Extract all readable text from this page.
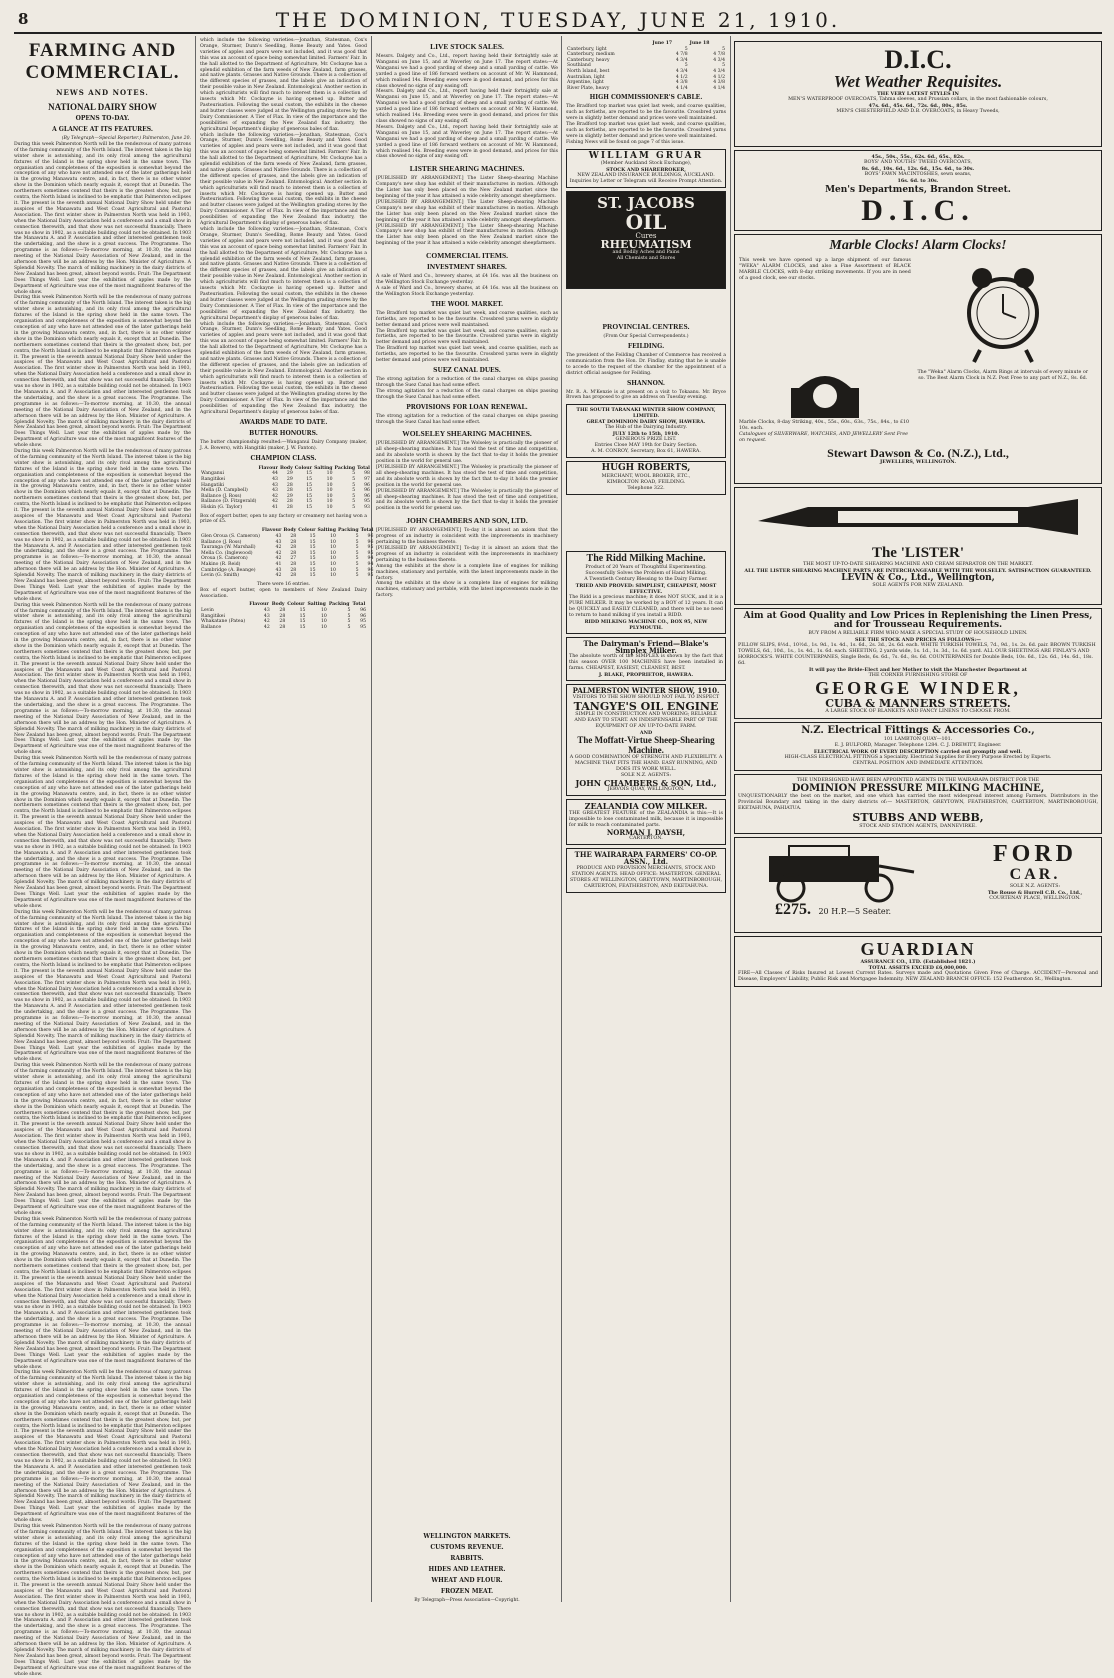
8	THE DOMINION, TUESDAY, JUNE 21, 1910.
FARMING AND COMMERCIAL.
NEWS AND NOTES.
NATIONAL DAIRY SHOW
OPENS TO-DAY.
A GLANCE AT ITS FEATURES.

(By Telegraph—Special Reporter.) Palmerston, June 20.

During this week Palmerston North will be the rendezvous of many patrons of the farming community of the North Island. The interest taken is the big winter show is astonishing, and its only rival among the agricultural fixtures of the Island is the spring show held in the same town. The organisation and completeness of the exposition is somewhat beyond the conception of any who have not attended one of the later gatherings held in the growing Manawatu centre, and, in fact, there is no other winter show in the Dominion which nearly equals it, except that at Dunedin. The northerners sometimes contend that theirs is the greatest show, but, per contra, the North Island is inclined to be emphatic that Palmerston eclipses it. The present is the seventh annual National Dairy Show held under the auspices of the Manawatu and West Coast Agricultural and Pastoral Association. The first winter show in Palmerston North was held in 1903, when the National Dairy Association held a conference and a small show in connection therewith, and that show was not successful financially. There was no show in 1902, as a suitable building could not be obtained. In 1903 the Manawatu A. and P. Association and other interested gentlemen took the undertaking, and the show is a great success. The Programme. The programme is as follows:—To-morrow morning, at 10.30, the annual meeting of the National Dairy Association of New Zealand, and in the afternoon there will be an address by the Hon. Minister of Agriculture. A Splendid Novelty. The march of milking machinery in the dairy districts of New Zealand has been great, almost beyond words. Fruit: The Department Does Things Well. Last year the exhibition of apples made by the Department of Agriculture was one of the most magnificent features of the whole show.

During this week Palmerston North will be the rendezvous of many patrons of the farming community of the North Island. The interest taken is the big winter show is astonishing, and its only rival among the agricultural fixtures of the Island is the spring show held in the same town. The organisation and completeness of the exposition is somewhat beyond the conception of any who have not attended one of the later gatherings held in the growing Manawatu centre, and, in fact, there is no other winter show in the Dominion which nearly equals it, except that at Dunedin. The northerners sometimes contend that theirs is the greatest show, but, per contra, the North Island is inclined to be emphatic that Palmerston eclipses it. The present is the seventh annual National Dairy Show held under the auspices of the Manawatu and West Coast Agricultural and Pastoral Association. The first winter show in Palmerston North was held in 1903, when the National Dairy Association held a conference and a small show in connection therewith, and that show was not successful financially. There was no show in 1902, as a suitable building could not be obtained. In 1903 the Manawatu A. and P. Association and other interested gentlemen took the undertaking, and the show is a great success. The Programme. The programme is as follows:—To-morrow morning, at 10.30, the annual meeting of the National Dairy Association of New Zealand, and in the afternoon there will be an address by the Hon. Minister of Agriculture. A Splendid Novelty. The march of milking machinery in the dairy districts of New Zealand has been great, almost beyond words. Fruit: The Department Does Things Well. Last year the exhibition of apples made by the Department of Agriculture was one of the most magnificent features of the whole show.

During this week Palmerston North will be the rendezvous of many patrons of the farming community of the North Island. The interest taken is the big winter show is astonishing, and its only rival among the agricultural fixtures of the Island is the spring show held in the same town. The organisation and completeness of the exposition is somewhat beyond the conception of any who have not attended one of the later gatherings held in the growing Manawatu centre, and, in fact, there is no other winter show in the Dominion which nearly equals it, except that at Dunedin. The northerners sometimes contend that theirs is the greatest show, but, per contra, the North Island is inclined to be emphatic that Palmerston eclipses it. The present is the seventh annual National Dairy Show held under the auspices of the Manawatu and West Coast Agricultural and Pastoral Association. The first winter show in Palmerston North was held in 1903, when the National Dairy Association held a conference and a small show in connection therewith, and that show was not successful financially. There was no show in 1902, as a suitable building could not be obtained. In 1903 the Manawatu A. and P. Association and other interested gentlemen took the undertaking, and the show is a great success. The Programme. The programme is as follows:—To-morrow morning, at 10.30, the annual meeting of the National Dairy Association of New Zealand, and in the afternoon there will be an address by the Hon. Minister of Agriculture. A Splendid Novelty. The march of milking machinery in the dairy districts of New Zealand has been great, almost beyond words. Fruit: The Department Does Things Well. Last year the exhibition of apples made by the Department of Agriculture was one of the most magnificent features of the whole show.

During this week Palmerston North will be the rendezvous of many patrons of the farming community of the North Island. The interest taken is the big winter show is astonishing, and its only rival among the agricultural fixtures of the Island is the spring show held in the same town. The organisation and completeness of the exposition is somewhat beyond the conception of any who have not attended one of the later gatherings held in the growing Manawatu centre, and, in fact, there is no other winter show in the Dominion which nearly equals it, except that at Dunedin. The northerners sometimes contend that theirs is the greatest show, but, per contra, the North Island is inclined to be emphatic that Palmerston eclipses it. The present is the seventh annual National Dairy Show held under the auspices of the Manawatu and West Coast Agricultural and Pastoral Association. The first winter show in Palmerston North was held in 1903, when the National Dairy Association held a conference and a small show in connection therewith, and that show was not successful financially. There was no show in 1902, as a suitable building could not be obtained. In 1903 the Manawatu A. and P. Association and other interested gentlemen took the undertaking, and the show is a great success. The Programme. The programme is as follows:—To-morrow morning, at 10.30, the annual meeting of the National Dairy Association of New Zealand, and in the afternoon there will be an address by the Hon. Minister of Agriculture. A Splendid Novelty. The march of milking machinery in the dairy districts of New Zealand has been great, almost beyond words. Fruit: The Department Does Things Well. Last year the exhibition of apples made by the Department of Agriculture was one of the most magnificent features of the whole show.

During this week Palmerston North will be the rendezvous of many patrons of the farming community of the North Island. The interest taken is the big winter show is astonishing, and its only rival among the agricultural fixtures of the Island is the spring show held in the same town. The organisation and completeness of the exposition is somewhat beyond the conception of any who have not attended one of the later gatherings held in the growing Manawatu centre, and, in fact, there is no other winter show in the Dominion which nearly equals it, except that at Dunedin. The northerners sometimes contend that theirs is the greatest show, but, per contra, the North Island is inclined to be emphatic that Palmerston eclipses it. The present is the seventh annual National Dairy Show held under the auspices of the Manawatu and West Coast Agricultural and Pastoral Association. The first winter show in Palmerston North was held in 1903, when the National Dairy Association held a conference and a small show in connection therewith, and that show was not successful financially. There was no show in 1902, as a suitable building could not be obtained. In 1903 the Manawatu A. and P. Association and other interested gentlemen took the undertaking, and the show is a great success. The Programme. The programme is as follows:—To-morrow morning, at 10.30, the annual meeting of the National Dairy Association of New Zealand, and in the afternoon there will be an address by the Hon. Minister of Agriculture. A Splendid Novelty. The march of milking machinery in the dairy districts of New Zealand has been great, almost beyond words. Fruit: The Department Does Things Well. Last year the exhibition of apples made by the Department of Agriculture was one of the most magnificent features of the whole show.

During this week Palmerston North will be the rendezvous of many patrons of the farming community of the North Island. The interest taken is the big winter show is astonishing, and its only rival among the agricultural fixtures of the Island is the spring show held in the same town. The organisation and completeness of the exposition is somewhat beyond the conception of any who have not attended one of the later gatherings held in the growing Manawatu centre, and, in fact, there is no other winter show in the Dominion which nearly equals it, except that at Dunedin. The northerners sometimes contend that theirs is the greatest show, but, per contra, the North Island is inclined to be emphatic that Palmerston eclipses it. The present is the seventh annual National Dairy Show held under the auspices of the Manawatu and West Coast Agricultural and Pastoral Association. The first winter show in Palmerston North was held in 1903, when the National Dairy Association held a conference and a small show in connection therewith, and that show was not successful financially. There was no show in 1902, as a suitable building could not be obtained. In 1903 the Manawatu A. and P. Association and other interested gentlemen took the undertaking, and the show is a great success. The Programme. The programme is as follows:—To-morrow morning, at 10.30, the annual meeting of the National Dairy Association of New Zealand, and in the afternoon there will be an address by the Hon. Minister of Agriculture. A Splendid Novelty. The march of milking machinery in the dairy districts of New Zealand has been great, almost beyond words. Fruit: The Department Does Things Well. Last year the exhibition of apples made by the Department of Agriculture was one of the most magnificent features of the whole show.

During this week Palmerston North will be the rendezvous of many patrons of the farming community of the North Island. The interest taken is the big winter show is astonishing, and its only rival among the agricultural fixtures of the Island is the spring show held in the same town. The organisation and completeness of the exposition is somewhat beyond the conception of any who have not attended one of the later gatherings held in the growing Manawatu centre, and, in fact, there is no other winter show in the Dominion which nearly equals it, except that at Dunedin. The northerners sometimes contend that theirs is the greatest show, but, per contra, the North Island is inclined to be emphatic that Palmerston eclipses it. The present is the seventh annual National Dairy Show held under the auspices of the Manawatu and West Coast Agricultural and Pastoral Association. The first winter show in Palmerston North was held in 1903, when the National Dairy Association held a conference and a small show in connection therewith, and that show was not successful financially. There was no show in 1902, as a suitable building could not be obtained. In 1903 the Manawatu A. and P. Association and other interested gentlemen took the undertaking, and the show is a great success. The Programme. The programme is as follows:—To-morrow morning, at 10.30, the annual meeting of the National Dairy Association of New Zealand, and in the afternoon there will be an address by the Hon. Minister of Agriculture. A Splendid Novelty. The march of milking machinery in the dairy districts of New Zealand has been great, almost beyond words. Fruit: The Department Does Things Well. Last year the exhibition of apples made by the Department of Agriculture was one of the most magnificent features of the whole show.

During this week Palmerston North will be the rendezvous of many patrons of the farming community of the North Island. The interest taken is the big winter show is astonishing, and its only rival among the agricultural fixtures of the Island is the spring show held in the same town. The organisation and completeness of the exposition is somewhat beyond the conception of any who have not attended one of the later gatherings held in the growing Manawatu centre, and, in fact, there is no other winter show in the Dominion which nearly equals it, except that at Dunedin. The northerners sometimes contend that theirs is the greatest show, but, per contra, the North Island is inclined to be emphatic that Palmerston eclipses it. The present is the seventh annual National Dairy Show held under the auspices of the Manawatu and West Coast Agricultural and Pastoral Association. The first winter show in Palmerston North was held in 1903, when the National Dairy Association held a conference and a small show in connection therewith, and that show was not successful financially. There was no show in 1902, as a suitable building could not be obtained. In 1903 the Manawatu A. and P. Association and other interested gentlemen took the undertaking, and the show is a great success. The Programme. The programme is as follows:—To-morrow morning, at 10.30, the annual meeting of the National Dairy Association of New Zealand, and in the afternoon there will be an address by the Hon. Minister of Agriculture. A Splendid Novelty. The march of milking machinery in the dairy districts of New Zealand has been great, almost beyond words. Fruit: The Department Does Things Well. Last year the exhibition of apples made by the Department of Agriculture was one of the most magnificent features of the whole show.

During this week Palmerston North will be the rendezvous of many patrons of the farming community of the North Island. The interest taken is the big winter show is astonishing, and its only rival among the agricultural fixtures of the Island is the spring show held in the same town. The organisation and completeness of the exposition is somewhat beyond the conception of any who have not attended one of the later gatherings held in the growing Manawatu centre, and, in fact, there is no other winter show in the Dominion which nearly equals it, except that at Dunedin. The northerners sometimes contend that theirs is the greatest show, but, per contra, the North Island is inclined to be emphatic that Palmerston eclipses it. The present is the seventh annual National Dairy Show held under the auspices of the Manawatu and West Coast Agricultural and Pastoral Association. The first winter show in Palmerston North was held in 1903, when the National Dairy Association held a conference and a small show in connection therewith, and that show was not successful financially. There was no show in 1902, as a suitable building could not be obtained. In 1903 the Manawatu A. and P. Association and other interested gentlemen took the undertaking, and the show is a great success. The Programme. The programme is as follows:—To-morrow morning, at 10.30, the annual meeting of the National Dairy Association of New Zealand, and in the afternoon there will be an address by the Hon. Minister of Agriculture. A Splendid Novelty. The march of milking machinery in the dairy districts of New Zealand has been great, almost beyond words. Fruit: The Department Does Things Well. Last year the exhibition of apples made by the Department of Agriculture was one of the most magnificent features of the whole show.

During this week Palmerston North will be the rendezvous of many patrons of the farming community of the North Island. The interest taken is the big winter show is astonishing, and its only rival among the agricultural fixtures of the Island is the spring show held in the same town. The organisation and completeness of the exposition is somewhat beyond the conception of any who have not attended one of the later gatherings held in the growing Manawatu centre, and, in fact, there is no other winter show in the Dominion which nearly equals it, except that at Dunedin. The northerners sometimes contend that theirs is the greatest show, but, per contra, the North Island is inclined to be emphatic that Palmerston eclipses it. The present is the seventh annual National Dairy Show held under the auspices of the Manawatu and West Coast Agricultural and Pastoral Association. The first winter show in Palmerston North was held in 1903, when the National Dairy Association held a conference and a small show in connection therewith, and that show was not successful financially. There was no show in 1902, as a suitable building could not be obtained. In 1903 the Manawatu A. and P. Association and other interested gentlemen took the undertaking, and the show is a great success. The Programme. The programme is as follows:—To-morrow morning, at 10.30, the annual meeting of the National Dairy Association of New Zealand, and in the afternoon there will be an address by the Hon. Minister of Agriculture. A Splendid Novelty. The march of milking machinery in the dairy districts of New Zealand has been great, almost beyond words. Fruit: The Department Does Things Well. Last year the exhibition of apples made by the Department of Agriculture was one of the most magnificent features of the whole show.

which include the following varieties:—Jonathan, Statesman, Cox's Orange, Sturmer, Dunn's Seedling, Rome Beauty and Yates. Good varieties of apples and pears were not included, and it was good that this was an account of space being somewhat limited. Farmers' Fair. In the hall allotted to the Department of Agriculture, Mr. Cockayne has a splendid exhibition of the farm weeds of New Zealand, farm grasses, and native plants. Grasses and Native Grounds. There is a collection of the different species of grasses, and the labels give an indication of their possible value in New Zealand. Entomological. Another section in which agriculturists will find much to interest them is a collection of insects which Mr. Cockayne is having opened up. Butter and Pasteurisation. Following the usual custom, the exhibits in the cheese and butter classes were judged at the Wellington grading stores by the Dairy Commissioner. A Tier of Flax. In view of the importance and the possibilities of expanding the New Zealand flax industry, the Agricultural Department's display of generous bales of flax.

which include the following varieties:—Jonathan, Statesman, Cox's Orange, Sturmer, Dunn's Seedling, Rome Beauty and Yates. Good varieties of apples and pears were not included, and it was good that this was an account of space being somewhat limited. Farmers' Fair. In the hall allotted to the Department of Agriculture, Mr. Cockayne has a splendid exhibition of the farm weeds of New Zealand, farm grasses, and native plants. Grasses and Native Grounds. There is a collection of the different species of grasses, and the labels give an indication of their possible value in New Zealand. Entomological. Another section in which agriculturists will find much to interest them is a collection of insects which Mr. Cockayne is having opened up. Butter and Pasteurisation. Following the usual custom, the exhibits in the cheese and butter classes were judged at the Wellington grading stores by the Dairy Commissioner. A Tier of Flax. In view of the importance and the possibilities of expanding the New Zealand flax industry, the Agricultural Department's display of generous bales of flax.

which include the following varieties:—Jonathan, Statesman, Cox's Orange, Sturmer, Dunn's Seedling, Rome Beauty and Yates. Good varieties of apples and pears were not included, and it was good that this was an account of space being somewhat limited. Farmers' Fair. In the hall allotted to the Department of Agriculture, Mr. Cockayne has a splendid exhibition of the farm weeds of New Zealand, farm grasses, and native plants. Grasses and Native Grounds. There is a collection of the different species of grasses, and the labels give an indication of their possible value in New Zealand. Entomological. Another section in which agriculturists will find much to interest them is a collection of insects which Mr. Cockayne is having opened up. Butter and Pasteurisation. Following the usual custom, the exhibits in the cheese and butter classes were judged at the Wellington grading stores by the Dairy Commissioner. A Tier of Flax. In view of the importance and the possibilities of expanding the New Zealand flax industry, the Agricultural Department's display of generous bales of flax.

which include the following varieties:—Jonathan, Statesman, Cox's Orange, Sturmer, Dunn's Seedling, Rome Beauty and Yates. Good varieties of apples and pears were not included, and it was good that this was an account of space being somewhat limited. Farmers' Fair. In the hall allotted to the Department of Agriculture, Mr. Cockayne has a splendid exhibition of the farm weeds of New Zealand, farm grasses, and native plants. Grasses and Native Grounds. There is a collection of the different species of grasses, and the labels give an indication of their possible value in New Zealand. Entomological. Another section in which agriculturists will find much to interest them is a collection of insects which Mr. Cockayne is having opened up. Butter and Pasteurisation. Following the usual custom, the exhibits in the cheese and butter classes were judged at the Wellington grading stores by the Dairy Commissioner. A Tier of Flax. In view of the importance and the possibilities of expanding the New Zealand flax industry, the Agricultural Department's display of generous bales of flax.

AWARDS MADE TO DATE.
BUTTER HONOURS.

The butter championship resulted:—Wanganui Dairy Company (maker, J. A. Bowers), with Hangitiki (maker, J. W. Fanton).

CHAMPION CLASS.
	Flavour	Body	Colour	Salting	Packing	Total
Wanganui	44	29	15	10	5	98
Rangitikei	43	29	15	10	5	97
Hangatiki	43	28	15	10	5	96
Mella (D. Campbell)	43	28	15	10	5	96
Ballance (J. Ross)	42	29	15	10	5	96
Ballance (D. Fitzgerald)	42	28	15	10	5	95
Hiskin (G. Taylor)	41	28	15	10	5	93

Box of export butter, open to any factory or creamery not having won a prize of £5.

	Flavour	Body	Colour	Salting	Packing	Total
Glen Oroua (S. Cameron)	43	28	15	10	5	96
Ballance (J. Ross)	43	28	15	10	5	96
Tauranga (W. Marshall)	42	28	15	10	5	95
Mella Co. (Inglewood)	42	28	15	10	5	95
Oroua (S. Cameron)	42	27	15	10	5	94
Makino (R. Reid)	41	28	15	10	5	94
Cambridge (A. Beange)	43	28	15	10	5	96
Levin (G. Smith)	42	28	15	10	5	95

There were 16 entries.

Box of export butter, open to members of New Zealand Dairy Association.

	Flavour	Body	Colour	Salting	Packing	Total
Levin	43	28	15	10	5	96
Rangitikei	43	28	15	10	5	96
Whakatane (Patea)	42	28	15	10	5	95
Ballance	42	28	15	10	5	95
LIVE STOCK SALES.

Messrs. Dalgety and Co., Ltd., report having held their fortnightly sale at Wanganui on June 15, and at Waverley on June 17. The report states:—At Wanganui we had a good yarding of sheep and a small yarding of cattle. We yarded a good line of 186 forward wethers on account of Mr. W. Hammond, which realised 14s. Breeding ewes were in good demand, and prices for this class showed no signs of any easing off.

Messrs. Dalgety and Co., Ltd., report having held their fortnightly sale at Wanganui on June 15, and at Waverley on June 17. The report states:—At Wanganui we had a good yarding of sheep and a small yarding of cattle. We yarded a good line of 186 forward wethers on account of Mr. W. Hammond, which realised 14s. Breeding ewes were in good demand, and prices for this class showed no signs of any easing off.

Messrs. Dalgety and Co., Ltd., report having held their fortnightly sale at Wanganui on June 15, and at Waverley on June 17. The report states:—At Wanganui we had a good yarding of sheep and a small yarding of cattle. We yarded a good line of 186 forward wethers on account of Mr. W. Hammond, which realised 14s. Breeding ewes were in good demand, and prices for this class showed no signs of any easing off.

LISTER SHEARING MACHINES.

[PUBLISHED BY ARRANGEMENT.] The Lister Sheep-shearing Machine Company's new shop has exhibit of their manufactures in motion. Although the Lister has only been placed on the New Zealand market since the beginning of the year it has attained a wide celebrity amongst sheepfarmers.

[PUBLISHED BY ARRANGEMENT.] The Lister Sheep-shearing Machine Company's new shop has exhibit of their manufactures in motion. Although the Lister has only been placed on the New Zealand market since the beginning of the year it has attained a wide celebrity amongst sheepfarmers.

[PUBLISHED BY ARRANGEMENT.] The Lister Sheep-shearing Machine Company's new shop has exhibit of their manufactures in motion. Although the Lister has only been placed on the New Zealand market since the beginning of the year it has attained a wide celebrity amongst sheepfarmers.

COMMERCIAL ITEMS.
INVESTMENT SHARES.

A sale of Ward and Co., brewery shares, at £4 16s. was all the business on the Wellington Stock Exchange yesterday.

A sale of Ward and Co., brewery shares, at £4 16s. was all the business on the Wellington Stock Exchange yesterday.

THE WOOL MARKET.

The Bradford top market was quiet last week, and coarse qualities, such as fortieths, are reported to be the favourite. Crossbred yarns were in slightly better demand and prices were well maintained.

The Bradford top market was quiet last week, and coarse qualities, such as fortieths, are reported to be the favourite. Crossbred yarns were in slightly better demand and prices were well maintained.

The Bradford top market was quiet last week, and coarse qualities, such as fortieths, are reported to be the favourite. Crossbred yarns were in slightly better demand and prices were well maintained.

SUEZ CANAL DUES.

The strong agitation for a reduction of the canal charges on ships passing through the Suez Canal has had some effect.

The strong agitation for a reduction of the canal charges on ships passing through the Suez Canal has had some effect.

PROVISIONS FOR LOAN RENEWAL.

The strong agitation for a reduction of the canal charges on ships passing through the Suez Canal has had some effect.

WOLSELEY SHEARING MACHINES.

[PUBLISHED BY ARRANGEMENT.] The Wolseley is practically the pioneer of all sheep-shearing machines. It has stood the test of time and competition, and its absolute worth is shown by the fact that to-day it holds the premier position in the world for general use.

[PUBLISHED BY ARRANGEMENT.] The Wolseley is practically the pioneer of all sheep-shearing machines. It has stood the test of time and competition, and its absolute worth is shown by the fact that to-day it holds the premier position in the world for general use.

[PUBLISHED BY ARRANGEMENT.] The Wolseley is practically the pioneer of all sheep-shearing machines. It has stood the test of time and competition, and its absolute worth is shown by the fact that to-day it holds the premier position in the world for general use.

JOHN CHAMBERS AND SON, LTD.

[PUBLISHED BY ARRANGEMENT.] To-day it is almost an axiom that the progress of an industry is coincident with the improvements in machinery pertaining to the business thereto.

[PUBLISHED BY ARRANGEMENT.] To-day it is almost an axiom that the progress of an industry is coincident with the improvements in machinery pertaining to the business thereto.

Among the exhibits at the show is a complete line of engines for milking machines, stationary and portable, with the latest improvements made in the factory.

Among the exhibits at the show is a complete line of engines for milking machines, stationary and portable, with the latest improvements made in the factory.

	June 17	June 18
Canterbury, light	5	5
Canterbury, medium	4 7/8	4 7/8
Canterbury, heavy	4 3/4	4 3/4
Southland	5	5
North Island, best	4 3/4	4 3/4
Australian, light	4 1/2	4 1/2
Argentine, light	4 3/8	4 3/8
River Plate, heavy	4 1/4	4 1/4
HIGH COMMISSIONER'S CABLE.

The Bradford top market was quiet last week, and coarse qualities, such as fortieths, are reported to be the favourite. Crossbred yarns were in slightly better demand and prices were well maintained.

The Bradford top market was quiet last week, and coarse qualities, such as fortieths, are reported to be the favourite. Crossbred yarns were in slightly better demand and prices were well maintained.

Fishing News will be found on page 7 of this issue.

WILLIAM GRUAR
(Member Auckland Stock Exchange),
STOCK AND SHAREBROKER,
NEW ZEALAND INSURANCE BUILDINGS, AUCKLAND.
Inquiries by Letter or Telegram will Receive Prompt Attention.
ST. JACOBS
OIL
Cures
RHEUMATISM
and Bodily Aches and Pains
All Chemists and Stores
D.I.C.
Wet Weather Requisites.
THE VERY LATEST STYLES IN
MEN'S WATERPROOF OVERCOATS, Tahma sleeves, and Prussian collars, in the most fashionable colours,
47s. 6d., 45s. 6d., 72s. 6d., 80s., 85s.
MEN'S CHESTERFIELD AND D.B. OVERCOATS, in Heavy Tweeds,
45s., 50s., 55s., 62s. 6d., 65s., 82s.
BOYS' AND YOUTHS' TWEED OVERCOATS,
8s. 6d., 10s. 6d., 12s. 6d., 15s. 6d., to 30s.
BOYS' FAWN MACINTOSHES, sewn seams,
16s. 6d. to 30s.
Men's Departments, Brandon Street.
D.I.C.
Marble Clocks! Alarm Clocks!
This week we have opened up a large shipment of our famous "WEKA" ALARM CLOCKS, and also a Fine Assortment of BLACK MARBLE CLOCKS, with 8-day striking movements. If you are in need of a good clock, see our stocks.
The "Weka" Alarm Clocks, Alarm Rings at intervals of every minute or so. The Best Alarm Clock in N.Z. Post Free to any part of N.Z., 8s. 6d.
Marble Clocks, 8-day Striking, 40s., 55s., 60s., 63s., 75s., 84s., to £10 10s. each.
Catalogues of SILVERWARE, WATCHES, AND JEWELLERY Sent Free on request.
Stewart Dawson & Co. (N.Z.), Ltd.,
JEWELLERS, WELLINGTON.
The 'LISTER'
THE MOST UP-TO-DATE SHEARING MACHINE AND CREAM SEPARATOR ON THE MARKET.
ALL THE LISTER SHEARING MACHINE PARTS ARE INTERCHANGEABLE WITH THE WOLSELEY. SATISFACTION GUARANTEED.
LEVIN & Co., Ltd., Wellington,
SOLE AGENTS FOR NEW ZEALAND.
Aim at Good Quality and Low Prices in Replenishing the Linen Press, and for Trousseau Requirements.
BUY FROM A RELIABLE FIRM WHO MAKE A SPECIAL STUDY OF HOUSEHOLD LINEN.
SEE THE STOCK AND PRICES AS FOLLOWS:—
PILLOW SLIPS, 8½d., 10½d., 1s. 9d., 1s. 4d., 1s. 6d., 2s. 3d., 2s. 6d. each. WHITE TURKISH TOWELS, 7d., 9d., 1s. 2s. 6d. pair. BROWN TURKISH TOWELS, 6d., 10d., 1s., 1s. 4d., 1s. 6d. each. SHEETING, 2 yards wide, 1s. 1d., 1s. 3d., 1s. 6d. yard. ALL OUR SHEETINGS ARE FINLAY'S AND HORROCKS'S. WHITE COUNTERPANES, Single Beds, 6s. 6d., 7s. 6d., 8s. 6d. COUNTERPANES for Double Beds, 10s. 6d., 12s. 6d., 14s. 6d., 18s. 6d.
It will pay the Bride-Elect and her Mother to visit the Manchester Department at
THE CORNER FURNISHING STORE OF
GEORGE WINDER,
CUBA & MANNERS STREETS.
A LARGE STOCK OF BLANKETS AND FANCY LINENS TO CHOOSE FROM.
N.Z. Electrical Fittings & Accessories Co.,
101 LAMBTON QUAY—101.
E. J. BULFORD, Manager. Telephone 1284. C. J. DREWITT, Engineer.
ELECTRICAL WORK OF EVERY DESCRIPTION carried out promptly and well.
HIGH-CLASS ELECTRICAL FITTINGS a Speciality. Electrical Supplies for Every Purpose Erected by Experts.
CENTRAL POSITION AND IMMEDIATE ATTENTION.
THE UNDERSIGNED HAVE BEEN APPOINTED AGENTS IN THE WAIRARAPA DISTRICT FOR THE
DOMINION PRESSURE MILKING MACHINE,
UNQUESTIONABLY the best on the market, and one which has carried the most widespread interest among Farmers. Distributors in the Provincial Boundary and taking in the dairy districts of:— MASTERTON, GREYTOWN, FEATHERSTON, CARTERTON, MARTINBOROUGH, EKETAHUNA, PAHIATUA.
STUBBS AND WEBB,
STOCK AND STATION AGENTS, DANNEVIRKE.
FORD
CAR.
SOLE N.Z. AGENTS:
The Rouse & Hurrell C.B. Co., Ltd.,
COURTENAY PLACE, WELLINGTON.
£275. 20 H.P.—5 Seater.
GUARDIAN
ASSURANCE CO., LTD. (Established 1821.)
TOTAL ASSETS EXCEED £6,000,000.
FIRE—All Classes of Risks Insured at Lowest Current Rates. Surveys made and Quotations Given Free of Charge. ACCIDENT—Personal and Disease, Employers' Liability, Public Risk and Mortgagee Indemnity. NEW ZEALAND BRANCH OFFICE: 152 Featherston St., Wellington.
The Ridd Milking Machine.
Product of 20 Years of Thoughtful Experimenting.
Successfully Solves the Problem of Hand Milking.
A Twentieth Century Blessing to the Dairy Farmer.
TRIED AND PROVED: SIMPLEST, CHEAPEST, MOST EFFECTIVE.
The Ridd is a precious machine; it does NOT SUCK, and it is a PURE MILKER. It may be worked by a BOY of 12 years. It can be QUICKLY and EASILY CLEANED, and there will be no need to return to hand milking if you install a RIDD.
RIDD MILKING MACHINE CO., BOX 95, NEW PLYMOUTH.
The Dairyman's Friend—Blake's Simplex Milker.
The absolute worth of the SIMPLEX is shown by the fact that this season OVER 100 MACHINES have been installed in farms. CHEAPEST, EASIEST, CLEANEST, BEST.
J. BLAKE, PROPRIETOR, HAWERA.
PALMERSTON WINTER SHOW, 1910.
VISITORS TO THE SHOW SHOULD NOT FAIL TO INSPECT
TANGYE'S OIL ENGINE
SIMPLE IN CONSTRUCTION AND WORKING; RELIABLE AND EASY TO START. AN INDISPENSABLE PART OF THE EQUIPMENT OF AN UP-TO-DATE FARM.
AND
The Moffatt-Virtue Sheep-Shearing Machine.
A GOOD COMBINATION OF STRENGTH AND FLEXIBILITY. A MACHINE THAT FITS THE HAND. EASY RUNNING, AND DOES ITS WORK WELL.
SOLE N.Z. AGENTS:
JOHN CHAMBERS & SON, Ltd.,
JERVOIS QUAY, WELLINGTON.
ZEALANDIA COW MILKER.
THE GREATEST FEATURE of the ZEALANDIA is this:—It is impossible to lose contaminated milk, because it is impossible for milk to reach contaminated parts.
NORMAN J. DAYSH,
CARTERTON.
THE WAIRARAPA FARMERS' CO-OP. ASSN., Ltd.
PRODUCE AND PROVISION MERCHANTS, STOCK AND STATION AGENTS. HEAD OFFICE: MASTERTON. GENERAL STORES AT WELLINGTON, GREYTOWN, MARTINBOROUGH, CARTERTON, FEATHERSTON, AND EKETAHUNA.
PROVINCIAL CENTRES.
(From Our Special Correspondents.)
FEILDING.

The president of the Feilding Chamber of Commerce has received a communication from the Hon. Dr. Findlay, stating that he is unable to accede to the request of the chamber for the appointment of a district official assignee for Feilding.

SHANNON.

Mr. R. A. M'Kenzie is at present on a visit to Tokaanu. Mr. Bryce Brown has proposed to give an address on Tuesday evening.

THE SOUTH TARANAKI WINTER SHOW COMPANY, LIMITED.
GREAT DOMINION DAIRY SHOW, HAWERA.
The Hub of the Dairying Industry.
JULY 12th to 15th, 1910.
GENEROUS PRIZE LIST.
Entries Close MAY 19th for Dairy Section.
A. M. CONROY, Secretary, Box 61, HAWERA.
HUGH ROBERTS,
MERCHANT, WOOL BROKER, ETC.,
KIMBOLTON ROAD, FEILDING.
Telephone 322.
WELLINGTON MARKETS.
CUSTOMS REVENUE.
RABBITS.
HIDES AND LEATHER.
WHEAT AND FLOUR.
FROZEN MEAT.
By Telegraph—Press Association—Copyright.
